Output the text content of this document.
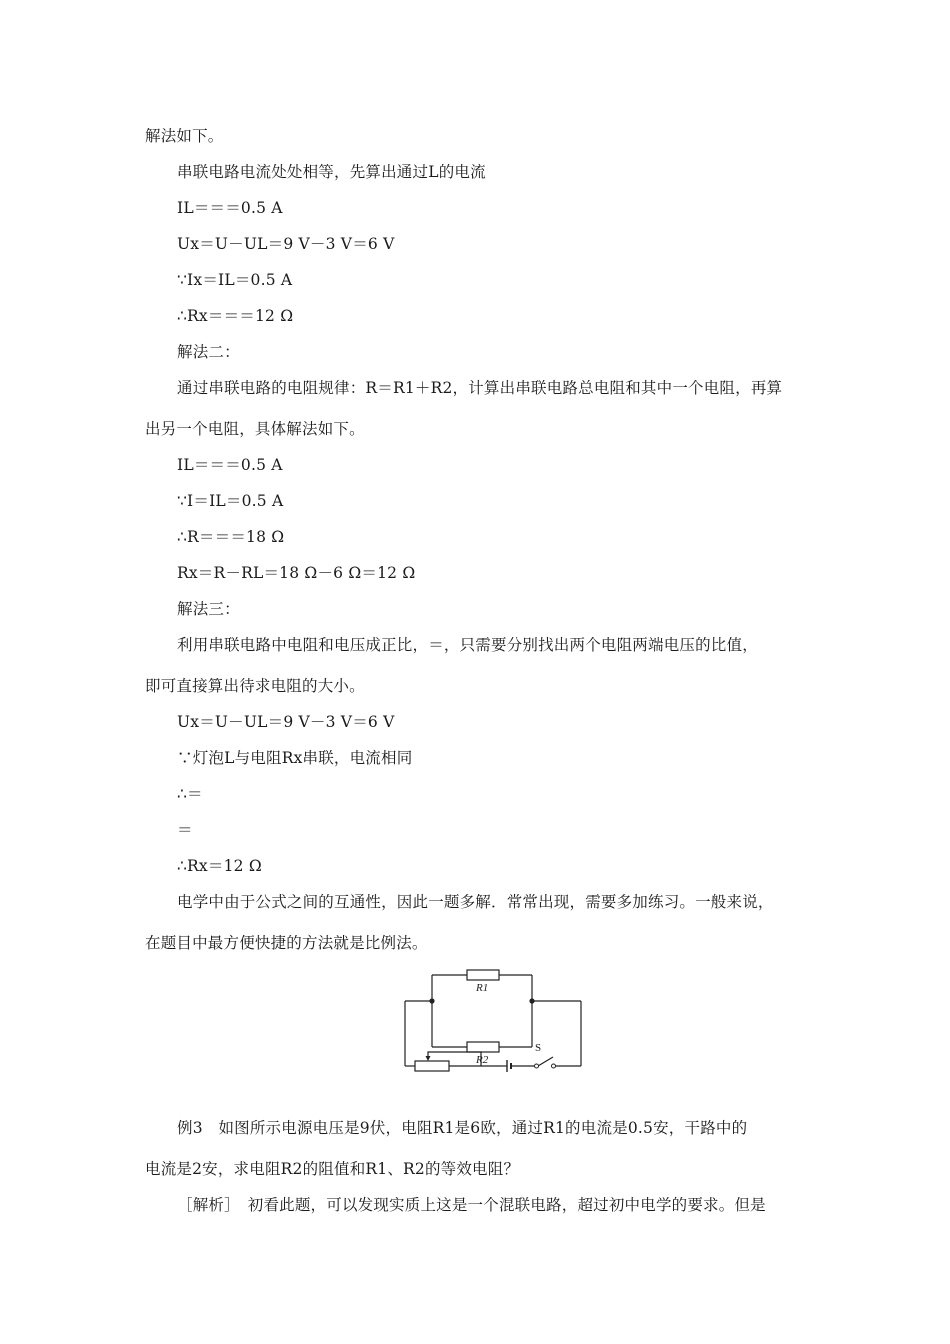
解法如下。
串联电路电流处处相等，先算出通过L的电流
IL＝＝＝0.5 A
Ux＝U－UL＝9 V－3 V＝6 V
∵Ix＝IL＝0.5 A
∴Rx＝＝＝12 Ω
解法二：
通过串联电路的电阻规律：R＝R1＋R2，计算出串联电路总电阻和其中一个电阻，再算
出另一个电阻，具体解法如下。
IL＝＝＝0.5 A
∵I＝IL＝0.5 A
∴R＝＝＝18 Ω
Rx＝R－RL＝18 Ω－6 Ω＝12 Ω
解法三：
利用串联电路中电阻和电压成正比，＝，只需要分别找出两个电阻两端电压的比值，
即可直接算出待求电阻的大小。
Ux＝U－UL＝9 V－3 V＝6 V
∵灯泡L与电阻Rx串联，电流相同
∴＝
＝
∴Rx＝12 Ω
电学中由于公式之间的互通性，因此一题多解．常常出现，需要多加练习。一般来说，
在题目中最方便快捷的方法就是比例法。
R1
R2
S
例3　如图所示电源电压是9伏，电阻R1是6欧，通过R1的电流是0.5安，干路中的
电流是2安，求电阻R2的阻值和R1、R2的等效电阻？
［解析］　初看此题，可以发现实质上这是一个混联电路，超过初中电学的要求。但是
